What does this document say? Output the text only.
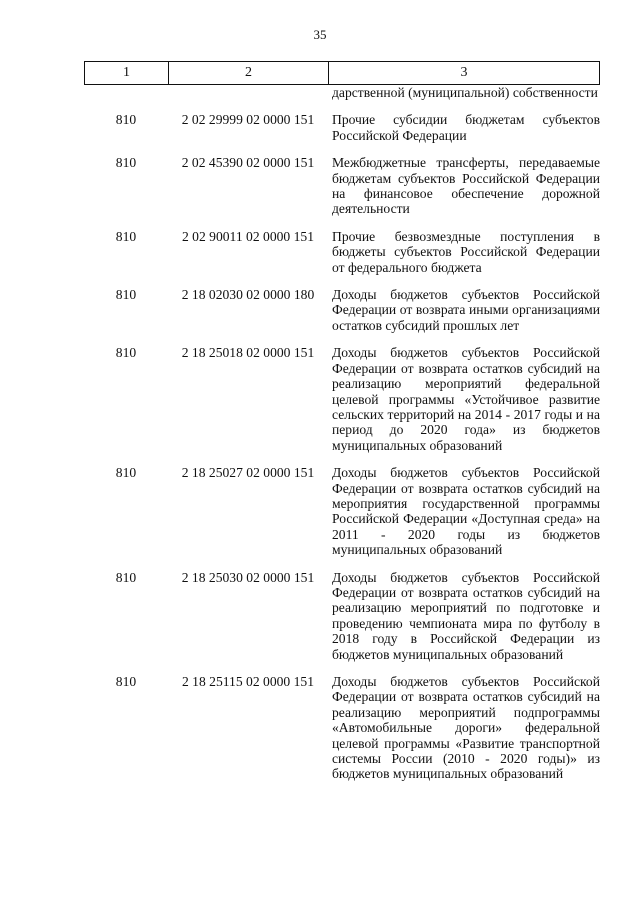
35
1	2	3
дарственной (муниципальной) собственности
810	2 02 29999 02 0000 151	Прочие субсидии бюджетам субъектов Российской Федерации
810	2 02 45390 02 0000 151	Межбюджетные трансферты, передаваемые бюджетам субъектов Российской Федерации на финансовое обеспечение дорожной деятельности
810	2 02 90011 02 0000 151	Прочие безвозмездные поступления в бюджеты субъектов Российской Федерации от федерального бюджета
810	2 18 02030 02 0000 180	Доходы бюджетов субъектов Российской Федерации от возврата иными организациями остатков субсидий прошлых лет
810	2 18 25018 02 0000 151	Доходы бюджетов субъектов Российской Федерации от возврата остатков субсидий на реализацию мероприятий федеральной целевой программы «Устойчивое развитие сельских территорий на 2014 - 2017 годы и на период до 2020 года» из бюджетов муниципальных образований
810	2 18 25027 02 0000 151	Доходы бюджетов субъектов Российской Федерации от возврата остатков субсидий на мероприятия государственной программы Российской Федерации «Доступная среда» на 2011 - 2020 годы из бюджетов муниципальных образований
810	2 18 25030 02 0000 151	Доходы бюджетов субъектов Российской Федерации от возврата остатков субсидий на реализацию мероприятий по подготовке и проведению чемпионата мира по футболу в 2018 году в Российской Федерации из бюджетов муниципальных образований
810	2 18 25115 02 0000 151	Доходы бюджетов субъектов Российской Федерации от возврата остатков субсидий на реализацию мероприятий подпрограммы «Автомобильные дороги» федеральной целевой программы «Развитие транспортной системы России (2010 - 2020 годы)» из бюджетов муниципальных образований
